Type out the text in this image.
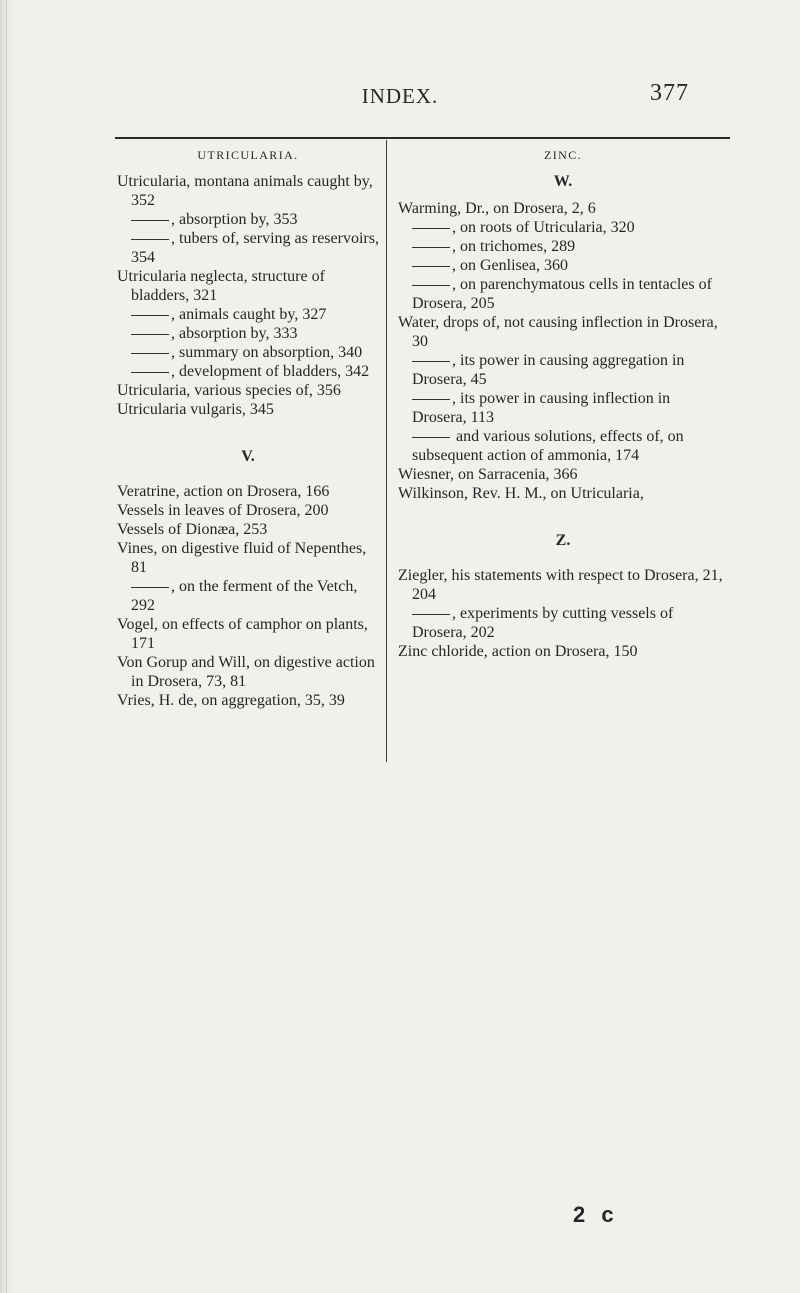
INDEX.	377
UTRICULARIA.

Utricularia, montana animals caught by, 352

, absorption by, 353

, tubers of, serving as reservoirs, 354

Utricularia neglecta, structure of bladders, 321

, animals caught by, 327

, absorption by, 333

, summary on absorption, 340

, development of bladders, 342

Utricularia, various species of, 356

Utricularia vulgaris, 345

V.

Veratrine, action on Drosera, 166

Vessels in leaves of Drosera, 200

Vessels of Dionæa, 253

Vines, on digestive fluid of Nepenthes, 81

, on the ferment of the Vetch, 292

Vogel, on effects of camphor on plants, 171

Von Gorup and Will, on digestive action in Drosera, 73, 81

Vries, H. de, on aggregation, 35, 39

ZINC.
W.

Warming, Dr., on Drosera, 2, 6

, on roots of Utricularia, 320

, on trichomes, 289

, on Genlisea, 360

, on parenchymatous cells in tentacles of Drosera, 205

Water, drops of, not causing inflection in Drosera, 30

, its power in causing aggregation in Drosera, 45

, its power in causing inflection in Drosera, 113

and various solutions, effects of, on subsequent action of ammonia, 174

Wiesner, on Sarracenia, 366

Wilkinson, Rev. H. M., on Utricularia,

Z.

Ziegler, his statements with respect to Drosera, 21, 204

, experiments by cutting vessels of Drosera, 202

Zinc chloride, action on Drosera, 150

2 c
